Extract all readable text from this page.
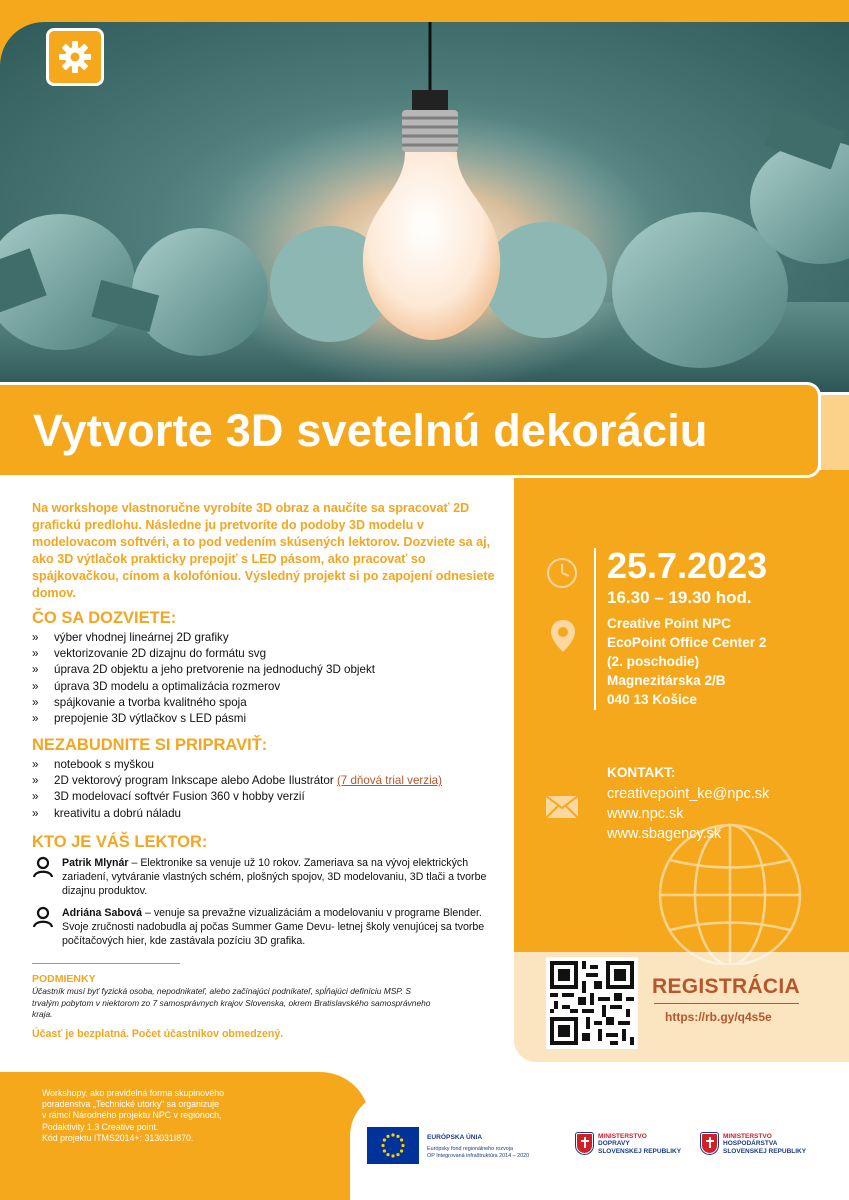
Vytvorte 3D svetelnú dekoráciu
Na workshope vlastnoručne vyrobíte 3D obraz a naučíte sa spracovať 2D grafickú predlohu. Následne ju pretvoríte do podoby 3D modelu v modelovacom softvéri, a to pod vedením skúsených lektorov. Dozviete sa aj, ako 3D výtlačok prakticky prepojiť s LED pásom, ako pracovať so spájkovačkou, cínom a kolofóniou. Výsledný projekt si po zapojení odnesiete domov.
ČO SA DOZVIETE:
» výber vhodnej lineárnej 2D grafiky
» vektorizovanie 2D dizajnu do formátu svg
» úprava 2D objektu a jeho pretvorenie na jednoduchý 3D objekt
» úprava 3D modelu a optimalizácia rozmerov
» spájkovanie a tvorba kvalitného spoja
» prepojenie 3D výtlačkov s LED pásmi
NEZABUDNITE SI PRIPRAVIŤ:
» notebook s myškou
» 2D vektorový program Inkscape alebo Adobe Ilustrátor (7 dňová trial verzia)
» 3D modelovací softvér Fusion 360 v hobby verzií
» kreativitu a dobrú náladu
KTO JE VÁŠ LEKTOR:
Patrik Mlynár – Elektronike sa venuje už 10 rokov. Zameriava sa na vývoj elektrických zariadení, vytváranie vlastných schém, plošných spojov, 3D modelovaniu, 3D tlači a tvorbe dizajnu produktov.
Adriána Sabová – venuje sa prevažne vizualizáciám a modelovaniu v programe Blender. Svoje zručnosti nadobudla aj počas Summer Game Devu- letnej školy venujúcej sa tvorbe počítačových hier, kde zastávala pozíciu 3D grafika.
PODMIENKY
Účastník musí byť fyzická osoba, nepodnikateľ, alebo začínajúci podnikateľ, spĺňajúci definíciu MSP. S trvalým pobytom v niektorom zo 7 samosprávnych krajov Slovenska, okrem Bratislavského samosprávneho kraja.
Účasť je bezplatná. Počet účastníkov obmedzený.
25.7.2023
16.30 – 19.30 hod.
Creative Point NPC
EcoPoint Office Center 2
(2. poschodie)
Magnezitárska 2/B
040 13 Košice
KONTAKT:
creativepoint_ke@npc.sk
www.npc.sk
www.sbagency.sk
REGISTRÁCIA
https://rb.gy/q4s5e
Workshopy, ako pravidelná forma skupinového
poradenstva „Technické utorky“ sa organizuje
v rámci Národného projektu NPC v regiónoch,
Podaktivity 1.3 Creative point.
Kód projektu ITMS2014+: 313031I870.	EURÓPSKA ÚNIA
Európsky fond regionálneho rozvoja
OP Integrovaná infraštruktúra 2014 – 2020
MINISTERSTVO
DOPRAVY
SLOVENSKEJ REPUBLIKY
MINISTERSTVO
HOSPODÁRSTVA
SLOVENSKEJ REPUBLIKY
